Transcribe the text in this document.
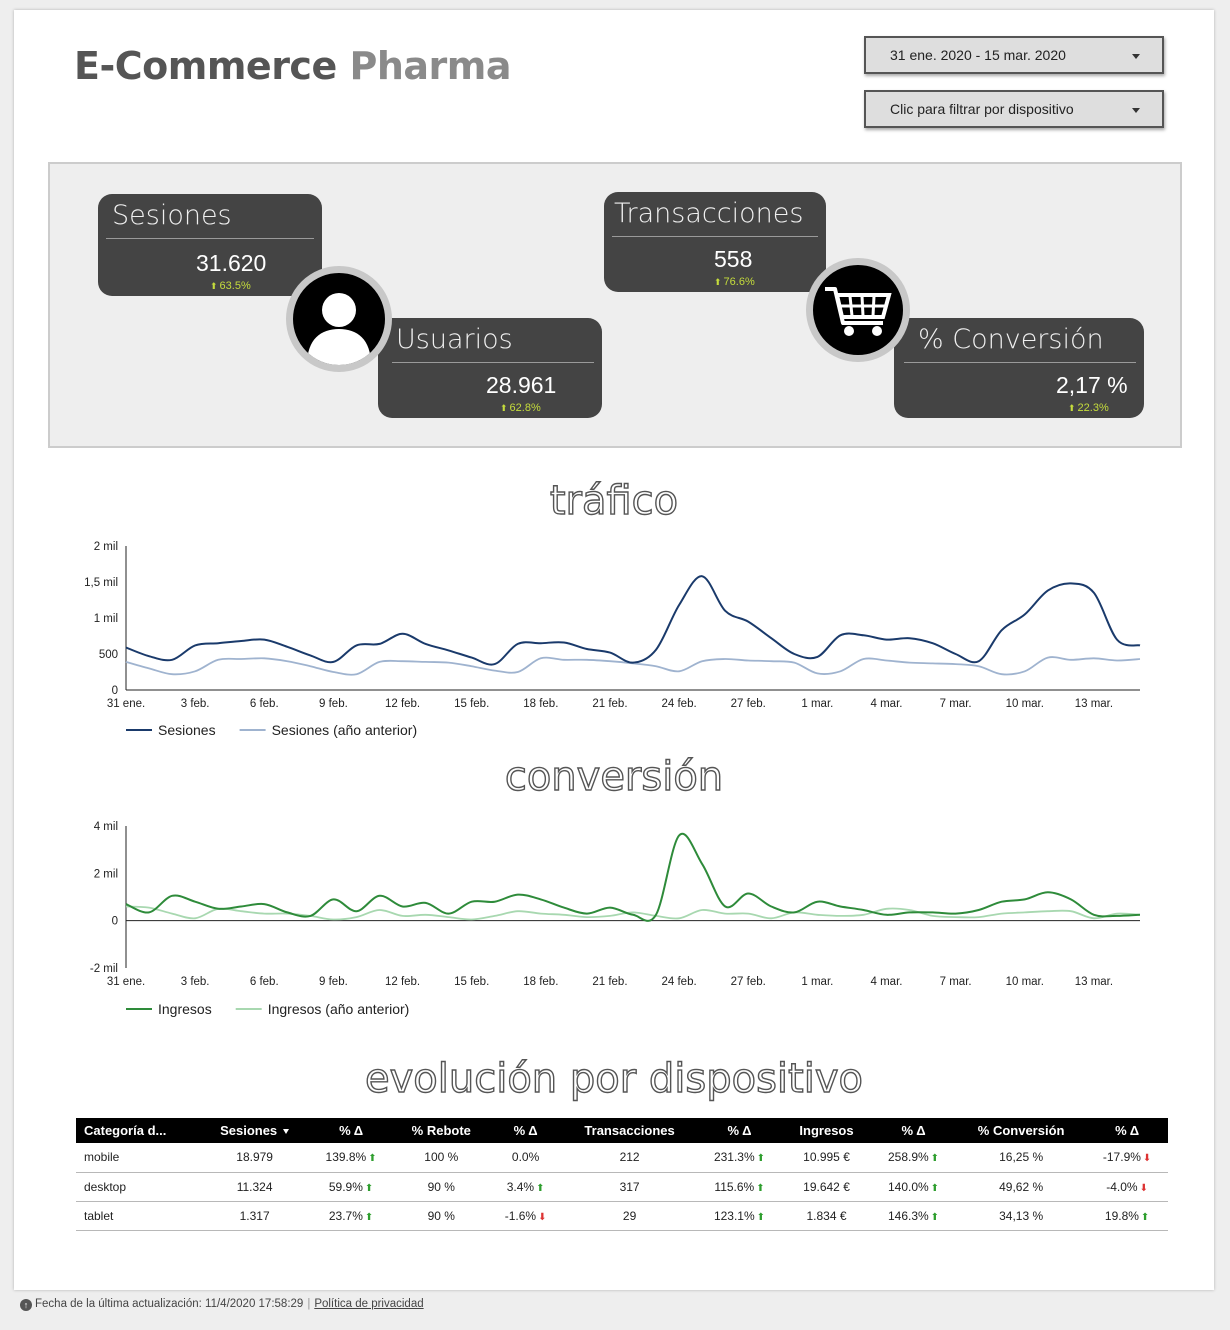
E-Commerce Pharma	31 ene. 2020 - 15 mar. 2020
Clic para filtrar por dispositivo
Sesiones
31.620
⬆ 63.5%
Usuarios
28.961
⬆ 62.8%
Transacciones
558
⬆ 76.6%
% Conversión
2,17 %
⬆ 22.3%
tráfico
0
500
1 mil
1,5 mil
2 mil
31 ene.	3 feb.	6 feb.	9 feb.	12 feb.	15 feb.	18 feb.	21 feb.	24 feb.	27 feb.	1 mar.	4 mar.	7 mar.	10 mar.	13 mar.
Sesiones	Sesiones (año anterior)
conversión
-2 mil
0
2 mil
4 mil
31 ene.	3 feb.	6 feb.	9 feb.	12 feb.	15 feb.	18 feb.	21 feb.	24 feb.	27 feb.	1 mar.	4 mar.	7 mar.	10 mar.	13 mar.
Ingresos	Ingresos (año anterior)
evolución por dispositivo
Categoría d...	Sesiones	% Δ	% Rebote	% Δ	Transacciones	% Δ	Ingresos	% Δ	% Conversión	% Δ
mobile	18.979	139.8% ⬆	100 %	0.0%	212	231.3% ⬆	10.995 €	258.9% ⬆	16,25 %	-17.9% ⬇
desktop	11.324	59.9% ⬆	90 %	3.4% ⬆	317	115.6% ⬆	19.642 €	140.0% ⬆	49,62 %	-4.0% ⬇
tablet	1.317	23.7% ⬆	90 %	-1.6% ⬇	29	123.1% ⬆	1.834 €	146.3% ⬆	34,13 %	19.8% ⬆
↑ Fecha de la última actualización: 11/4/2020 17:58:29 | Política de privacidad
